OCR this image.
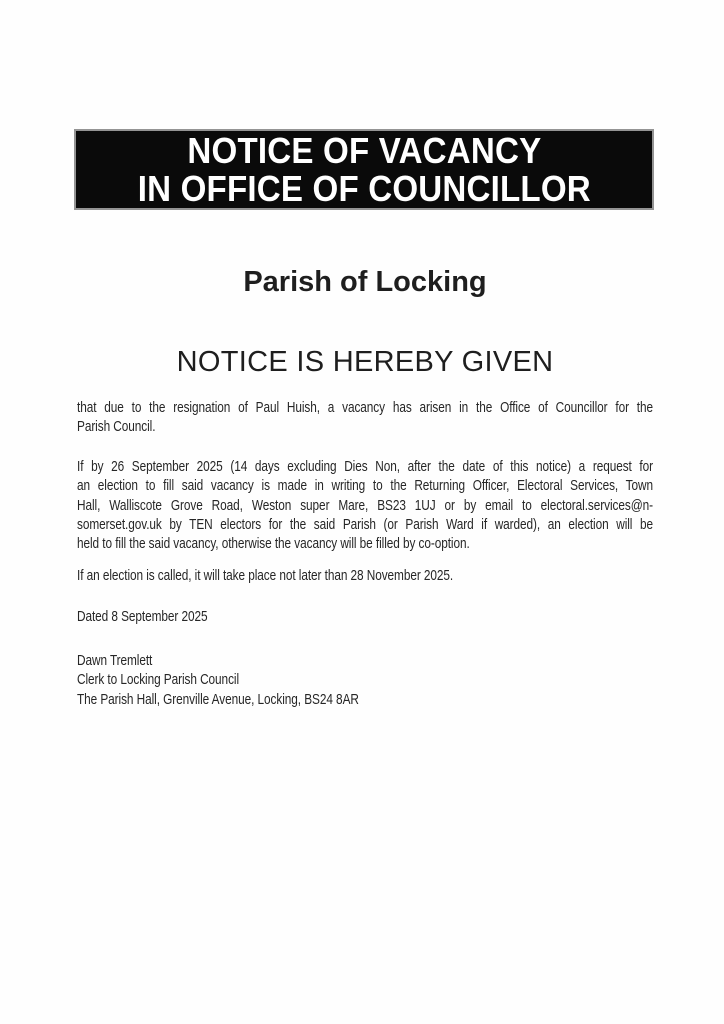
NOTICE OF VACANCY
IN OFFICE OF COUNCILLOR
Parish of Locking
NOTICE IS HEREBY GIVEN
that due to the resignation of Paul Huish, a vacancy has arisen in the Office of Councillor for the
Parish Council.
If by 26 September 2025 (14 days excluding Dies Non, after the date of this notice) a request for
an election to fill said vacancy is made in writing to the Returning Officer, Electoral Services, Town
Hall, Walliscote Grove Road, Weston super Mare, BS23 1UJ or by email to electoral.services@n-
somerset.gov.uk by TEN electors for the said Parish (or Parish Ward if warded), an election will be
held to fill the said vacancy, otherwise the vacancy will be filled by co-option.
If an election is called, it will take place not later than 28 November 2025.
Dated 8 September 2025
Dawn Tremlett
Clerk to Locking Parish Council
The Parish Hall, Grenville Avenue, Locking, BS24 8AR
